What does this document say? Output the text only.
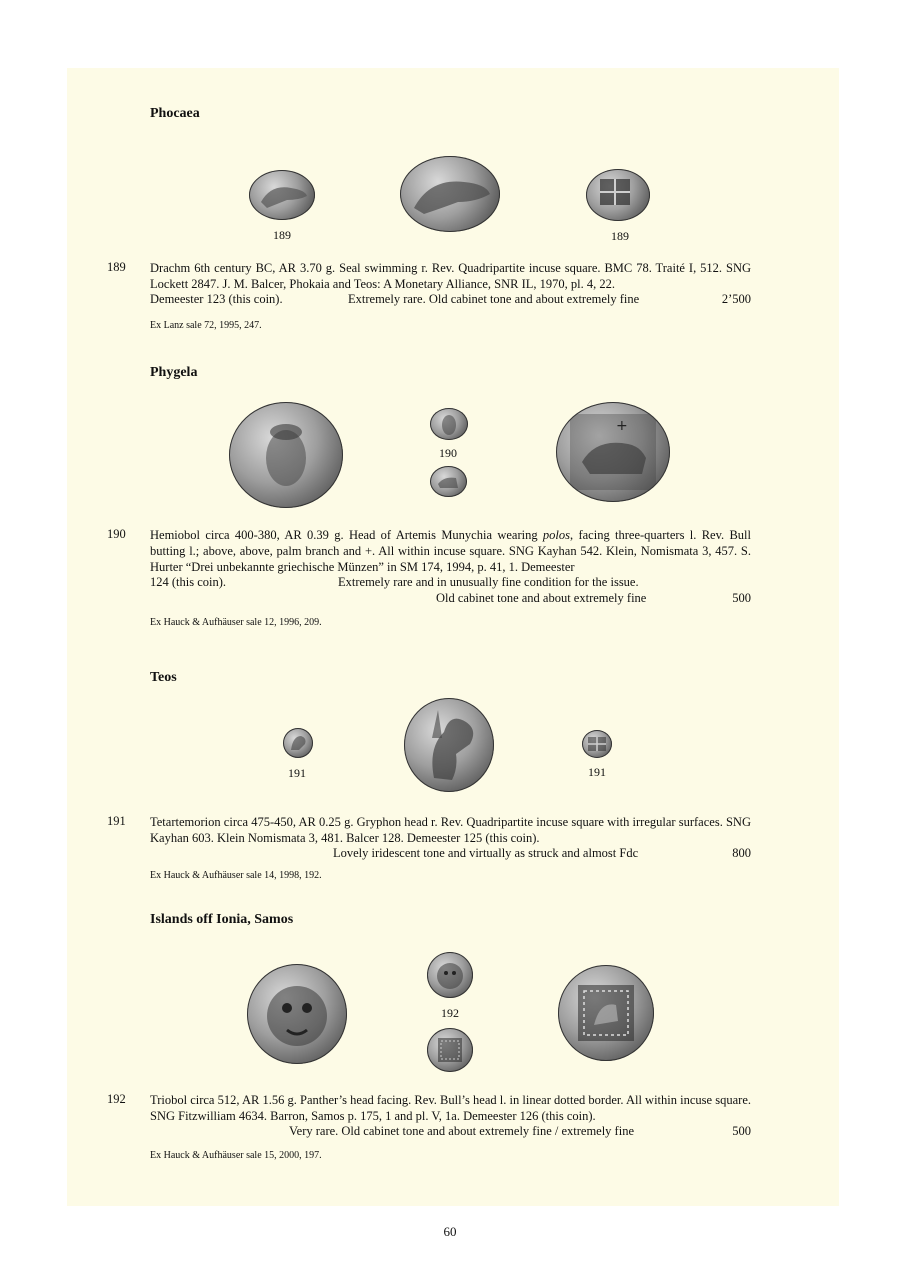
Phocaea
189	189
189 Drachm 6th century BC, AR 3.70 g. Seal swimming r. Rev. Quadripartite incuse square. BMC 78. Traité I, 512. SNG Lockett 2847. J. M. Balcer, Phokaia and Teos: A Monetary Alliance, SNR IL, 1970, pl. 4, 22.
Demeester 123 (this coin).	Extremely rare. Old cabinet tone and about extremely fine	2’500
Ex Lanz sale 72, 1995, 247.
Phygela
190
+
190 Hemiobol circa 400-380, AR 0.39 g. Head of Artemis Munychia wearing polos, facing three-quarters l. Rev. Bull butting l.; above, above, palm branch and +. All within incuse square. SNG Kayhan 542. Klein, Nomismata 3, 457. S. Hurter “Drei unbekannte griechische Münzen” in SM 174, 1994, p. 41, 1. Demeester
124 (this coin).	Extremely rare and in unusually fine condition for the issue.
Old cabinet tone and about extremely fine	500
Ex Hauck & Aufhäuser sale 12, 1996, 209.
Teos
191	191
191 Tetartemorion circa 475-450, AR 0.25 g. Gryphon head r. Rev. Quadripartite incuse square with irregular surfaces. SNG Kayhan 603. Klein Nomismata 3, 481. Balcer 128. Demeester 125 (this coin).
Lovely iridescent tone and virtually as struck and almost Fdc	800
Ex Hauck & Aufhäuser sale 14, 1998, 192.
Islands off Ionia, Samos
192
192 Triobol circa 512, AR 1.56 g. Panther’s head facing. Rev. Bull’s head l. in linear dotted border. All within incuse square. SNG Fitzwilliam 4634. Barron, Samos p. 175, 1 and pl. V, 1a. Demeester 126 (this coin).
Very rare. Old cabinet tone and about extremely fine / extremely fine	500
Ex Hauck & Aufhäuser sale 15, 2000, 197.
60
